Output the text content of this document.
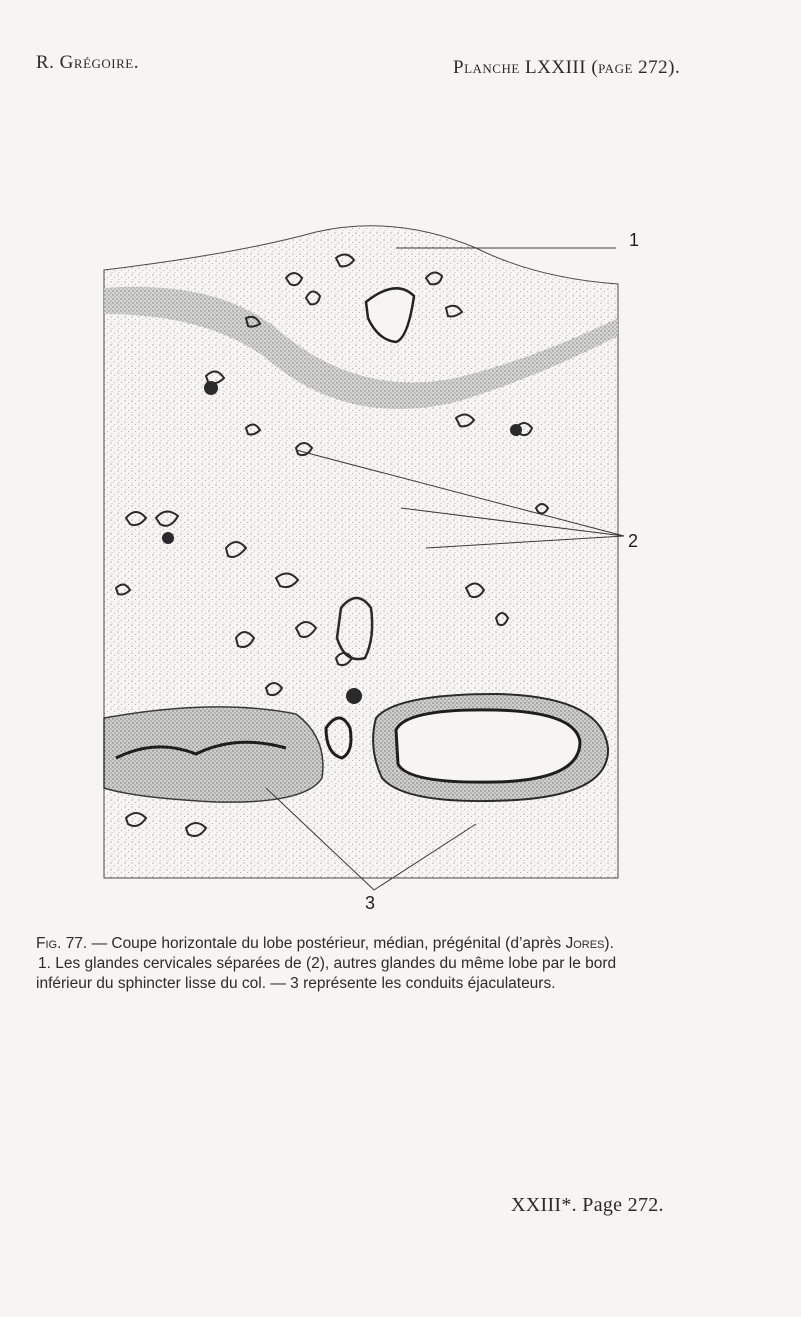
R. Grégoire.	Planche LXXIII (page 272).
1
2
3

Fig. 77. — Coupe horizontale du lobe postérieur, médian, prégénital (d’après Jores).

1. Les glandes cervicales séparées de (2), autres glandes du même lobe par le bord

inférieur du sphincter lisse du col. — 3 représente les conduits éjaculateurs.

XXIII*. Page 272.
